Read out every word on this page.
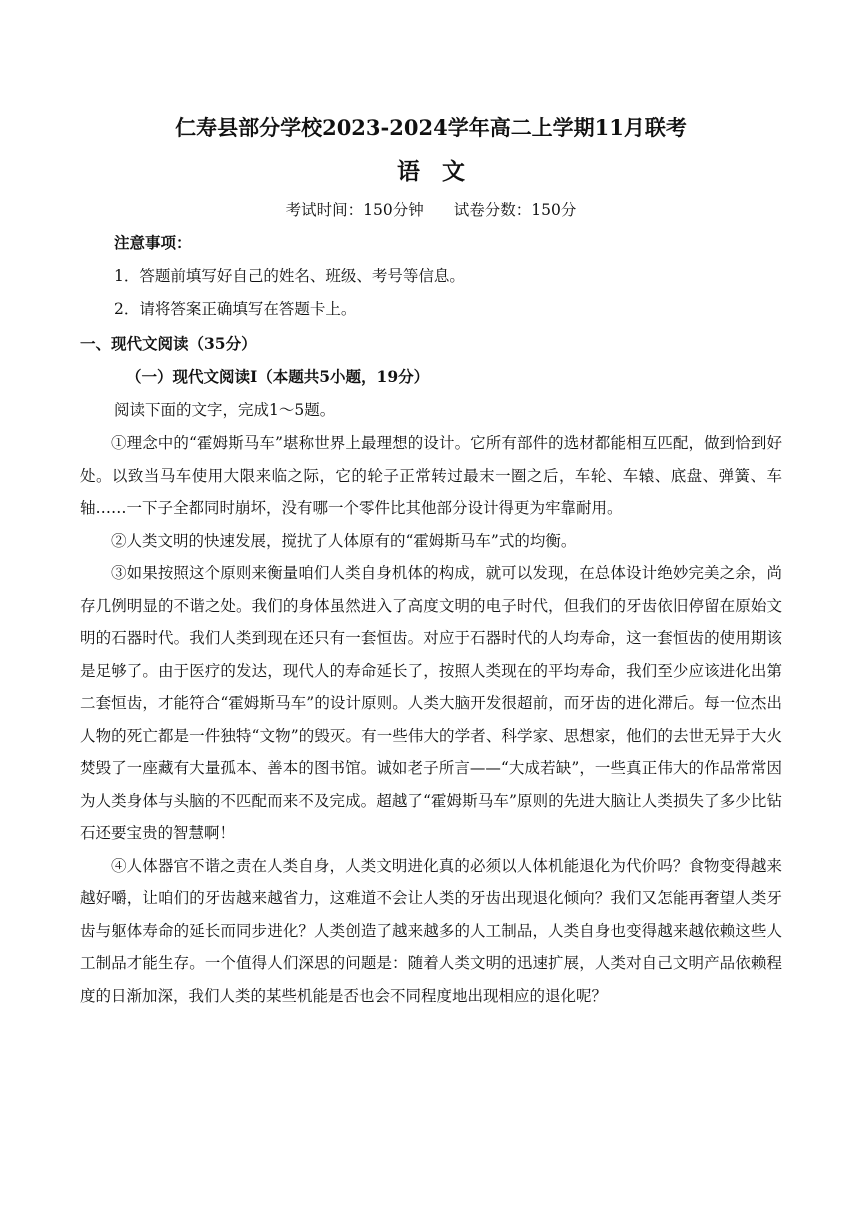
仁寿县部分学校2023-2024学年高二上学期11月联考
语文

考试时间：150分钟 试卷分数：150分

注意事项：

1．答题前填写好自己的姓名、班级、考号等信息。

2．请将答案正确填写在答题卡上。

一、现代文阅读（35分）

（一）现代文阅读Ⅰ（本题共5小题，19分）

阅读下面的文字，完成1～5题。

①理念中的“霍姆斯马车”堪称世界上最理想的设计。它所有部件的选材都能相互匹配，做到恰到好处。以致当马车使用大限来临之际，它的轮子正常转过最末一圈之后，车轮、车辕、底盘、弹簧、车轴……一下子全都同时崩坏，没有哪一个零件比其他部分设计得更为牢靠耐用。

②人类文明的快速发展，搅扰了人体原有的“霍姆斯马车”式的均衡。

③如果按照这个原则来衡量咱们人类自身机体的构成，就可以发现，在总体设计绝妙完美之余，尚存几例明显的不谐之处。我们的身体虽然进入了高度文明的电子时代，但我们的牙齿依旧停留在原始文明的石器时代。我们人类到现在还只有一套恒齿。对应于石器时代的人均寿命，这一套恒齿的使用期该是足够了。由于医疗的发达，现代人的寿命延长了，按照人类现在的平均寿命，我们至少应该进化出第二套恒齿，才能符合“霍姆斯马车”的设计原则。人类大脑开发很超前，而牙齿的进化滞后。每一位杰出人物的死亡都是一件独特“文物”的毁灭。有一些伟大的学者、科学家、思想家，他们的去世无异于大火焚毁了一座藏有大量孤本、善本的图书馆。诚如老子所言——“大成若缺”，一些真正伟大的作品常常因为人类身体与头脑的不匹配而来不及完成。超越了“霍姆斯马车”原则的先进大脑让人类损失了多少比钻石还要宝贵的智慧啊！

④人体器官不谐之责在人类自身，人类文明进化真的必须以人体机能退化为代价吗？食物变得越来越好嚼，让咱们的牙齿越来越省力，这难道不会让人类的牙齿出现退化倾向？我们又怎能再奢望人类牙齿与躯体寿命的延长而同步进化？人类创造了越来越多的人工制品，人类自身也变得越来越依赖这些人工制品才能生存。一个值得人们深思的问题是：随着人类文明的迅速扩展，人类对自己文明产品依赖程度的日渐加深，我们人类的某些机能是否也会不同程度地出现相应的退化呢？
